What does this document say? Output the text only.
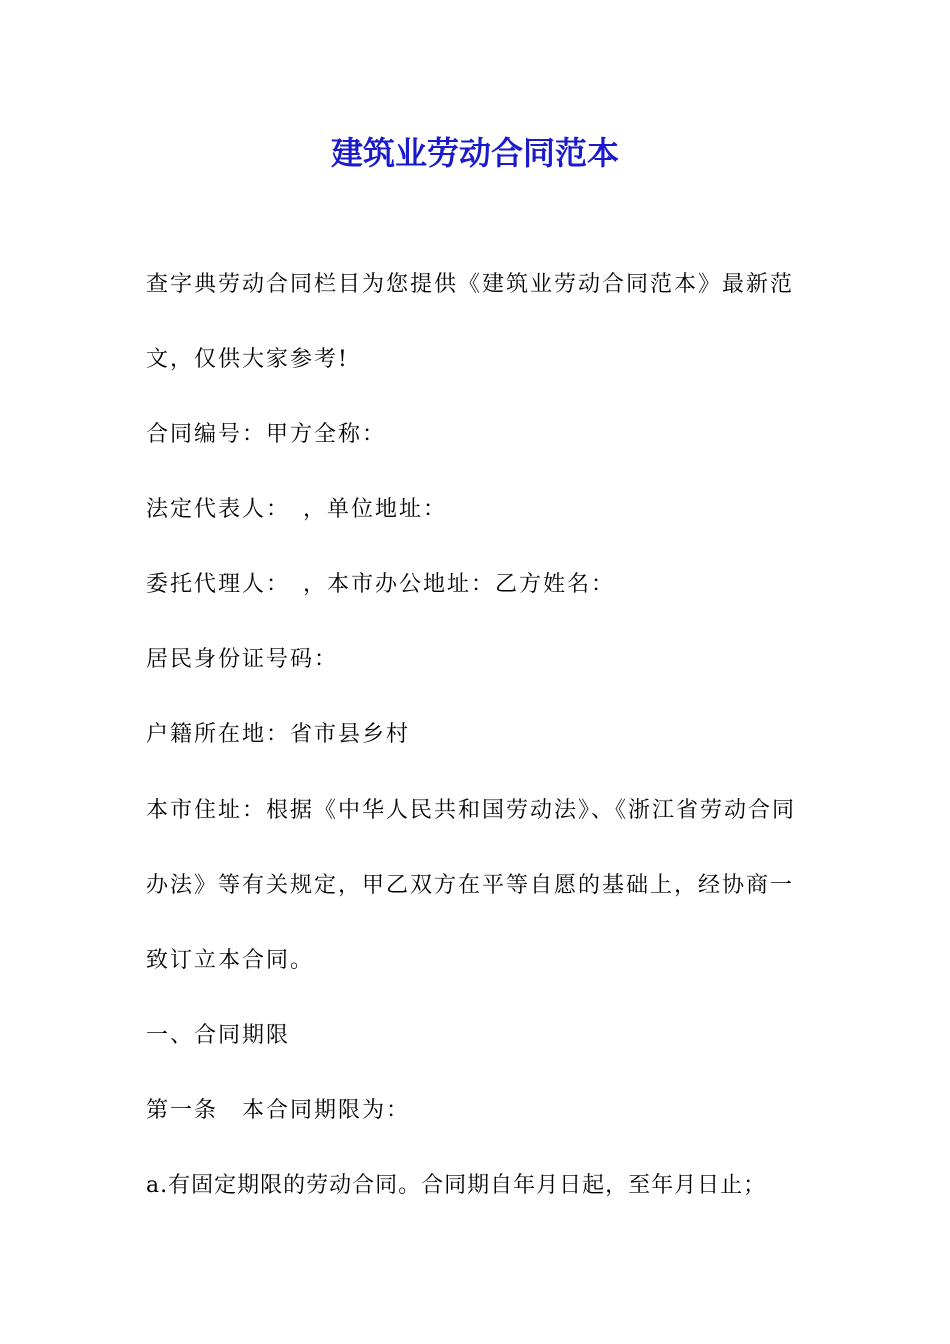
建筑业劳动合同范本

查字典劳动合同栏目为您提供《建筑业劳动合同范本》最新范文，仅供大家参考!

合同编号：甲方全称：

法定代表人：　，单位地址：

委托代理人：　，本市办公地址：乙方姓名：

居民身份证号码：

户籍所在地：省市县乡村

本市住址：根据《中华人民共和国劳动法》、《浙江省劳动合同办法》等有关规定，甲乙双方在平等自愿的基础上，经协商一致订立本合同。

一、合同期限

第一条　本合同期限为：

a.有固定期限的劳动合同。合同期自年月日起，至年月日止；
